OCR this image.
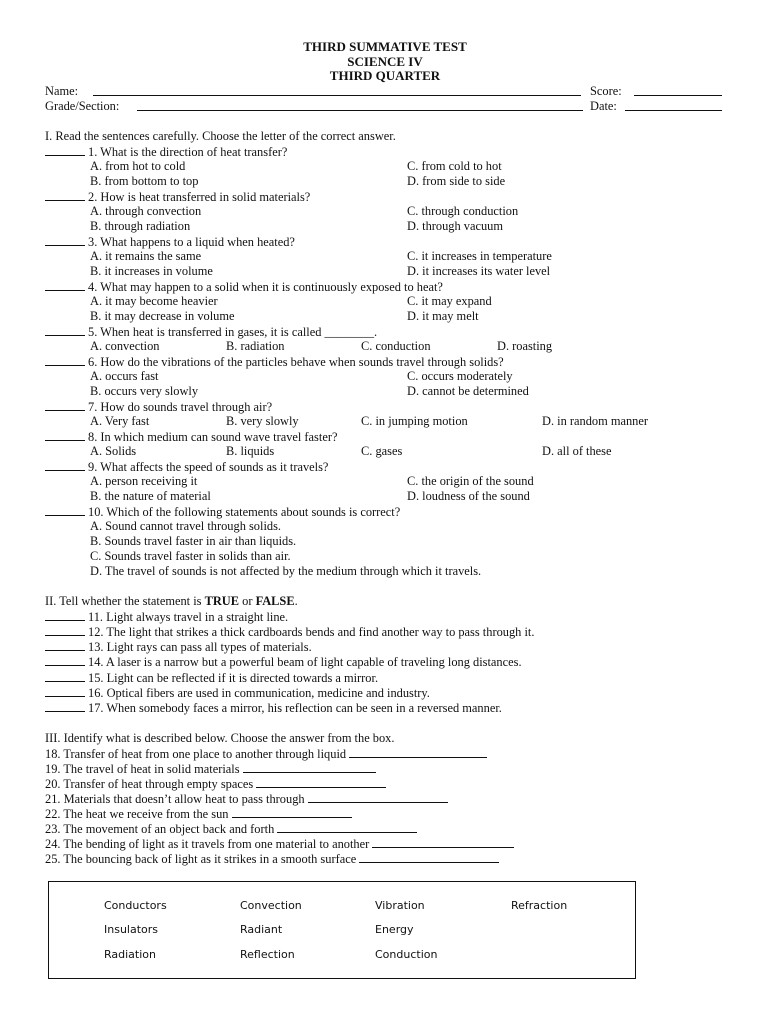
THIRD SUMMATIVE TEST
SCIENCE IV
THIRD QUARTER
Name:	Score:
Grade/Section:	Date:
I. Read the sentences carefully. Choose the letter of the correct answer.
1. What is the direction of heat transfer?
A. from hot to cold	C. from cold to hot
B. from bottom to top	D. from side to side
2. How is heat transferred in solid materials?
A. through convection	C. through conduction
B. through radiation	D. through vacuum
3. What happens to a liquid when heated?
A. it remains the same	C. it increases in temperature
B. it increases in volume	D. it increases its water level
4. What may happen to a solid when it is continuously exposed to heat?
A. it may become heavier	C. it may expand
B. it may decrease in volume	D. it may melt
5. When heat is transferred in gases, it is called ________.
A. convection	B. radiation	C. conduction	D. roasting
6. How do the vibrations of the particles behave when sounds travel through solids?
A. occurs fast	C. occurs moderately
B. occurs very slowly	D. cannot be determined
7. How do sounds travel through air?
A. Very fast	B. very slowly	C. in jumping motion	D. in random manner
8. In which medium can sound wave travel faster?
A. Solids	B. liquids	C. gases	D. all of these
9. What affects the speed of sounds as it travels?
A. person receiving it	C. the origin of the sound
B. the nature of material	D. loudness of the sound
10. Which of the following statements about sounds is correct?
A. Sound cannot travel through solids.
B. Sounds travel faster in air than liquids.
C. Sounds travel faster in solids than air.
D. The travel of sounds is not affected by the medium through which it travels.
II. Tell whether the statement is TRUE or FALSE.
11. Light always travel in a straight line.
12. The light that strikes a thick cardboards bends and find another way to pass through it.
13. Light rays can pass all types of materials.
14. A laser is a narrow but a powerful beam of light capable of traveling long distances.
15. Light can be reflected if it is directed towards a mirror.
16. Optical fibers are used in communication, medicine and industry.
17. When somebody faces a mirror, his reflection can be seen in a reversed manner.
III. Identify what is described below. Choose the answer from the box.
18. Transfer of heat from one place to another through liquid
19. The travel of heat in solid materials
20. Transfer of heat through empty spaces
21. Materials that doesn’t allow heat to pass through
22. The heat we receive from the sun
23. The movement of an object back and forth
24. The bending of light as it travels from one material to another
25. The bouncing back of light as it strikes in a smooth surface
Conductors	Convection	Vibration	Refraction
Insulators	Radiant	Energy
Radiation	Reflection	Conduction
